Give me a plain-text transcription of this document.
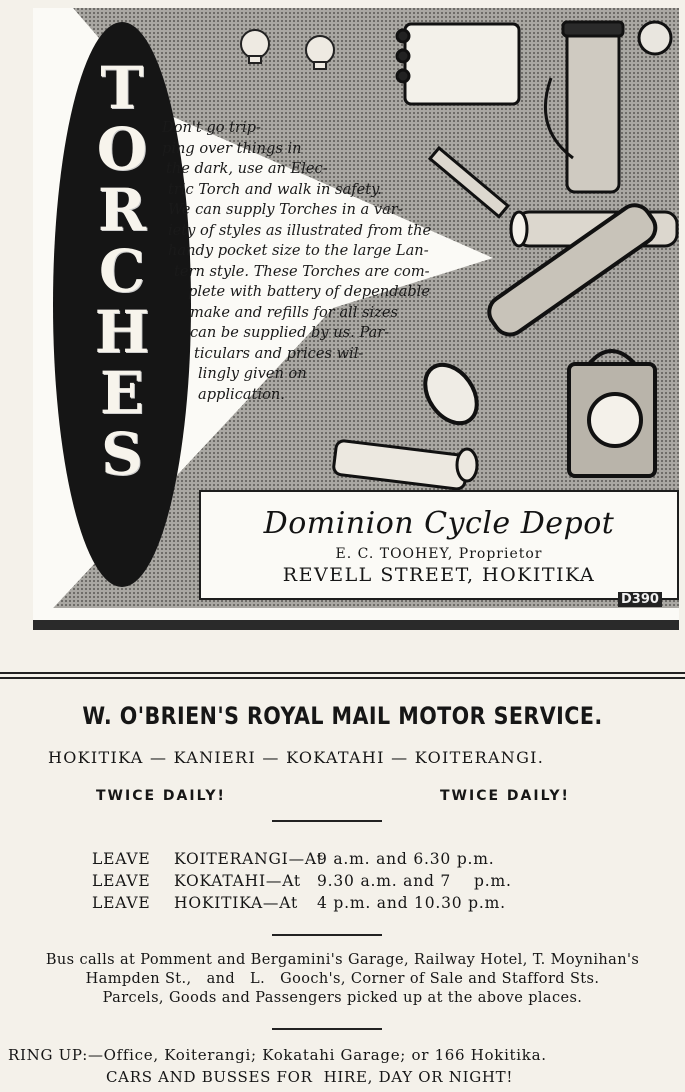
T
O
R
C
H
E
S
Don't go trip-
ping over things in
the dark, use an Elec-
tric Torch and walk in safety.
We can supply Torches in a var-
iety of styles as illustrated from the
handy pocket size to the large Lan-
tern style. These Torches are com-
plete with battery of dependable
make and refills for all sizes
can be supplied by us. Par-
ticulars and prices wil-
lingly given on
application.
Dominion Cycle Depot
E. C. TOOHEY, Proprietor
REVELL STREET, HOKITIKA
D390
W. O'BRIEN'S ROYAL MAIL MOTOR SERVICE.
HOKITIKA — KANIERI — KOKATAHI — KOITERANGI.
TWICE DAILY!	TWICE DAILY!
LEAVE KOITERANGI—At9 a.m. and 6.30 p.m.
LEAVE KOKATAHI—At 9.30 a.m. and 7    p.m.
LEAVE HOKITIKA—At 4 p.m. and 10.30 p.m.
Bus calls at Pomment and Bergamini's Garage, Railway Hotel, T. Moynihan's
Hampden St.,   and   L.   Gooch's, Corner of Sale and Stafford Sts.
Parcels, Goods and Passengers picked up at the above places.
RING UP:—Office, Koiterangi; Kokatahi Garage; or 166 Hokitika.
CARS AND BUSSES FOR  HIRE, DAY OR NIGHT!
